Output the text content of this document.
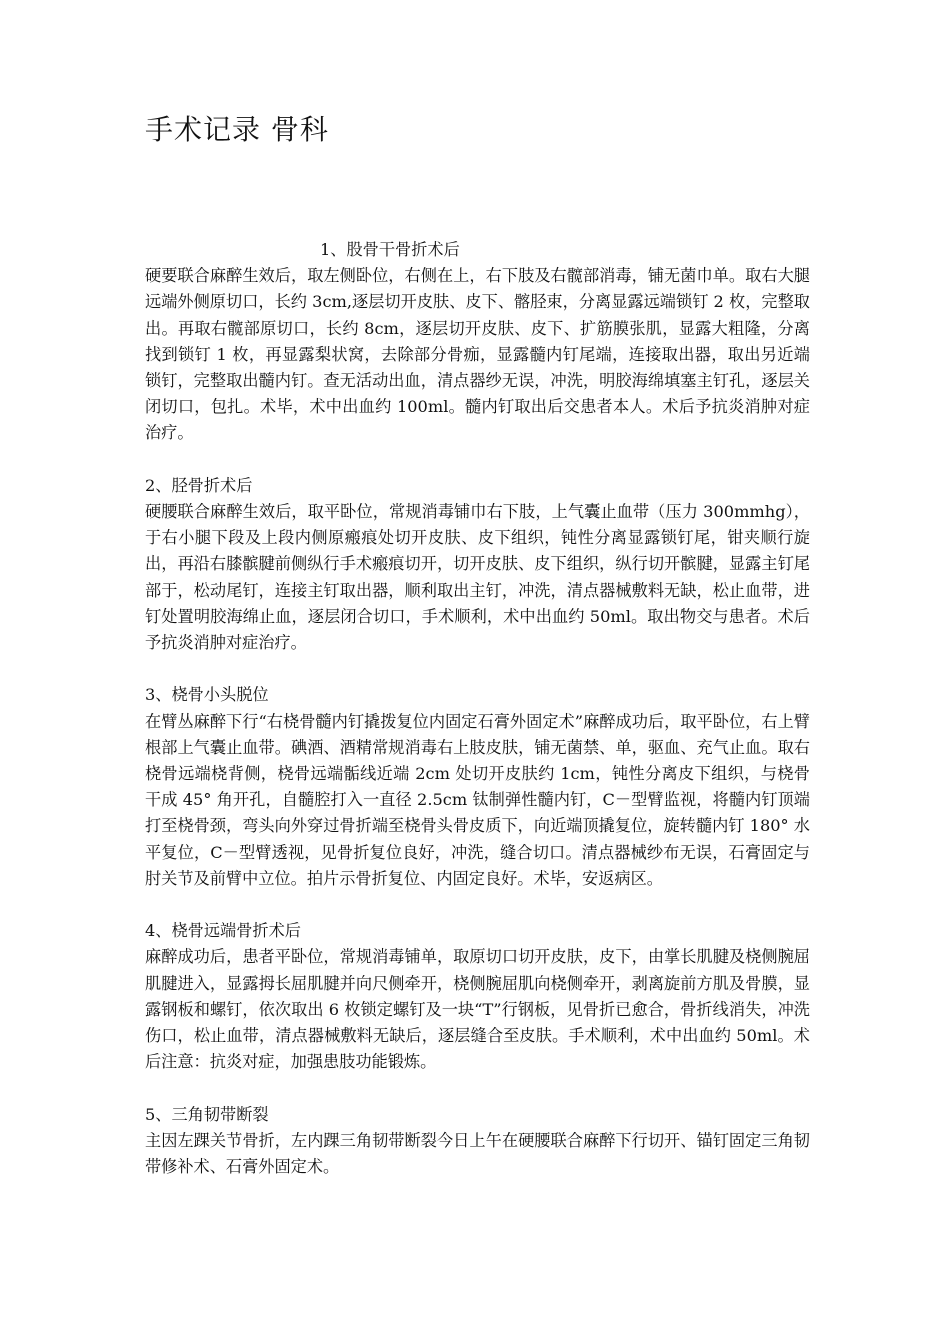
手术记录 骨科

1、股骨干骨折术后

硬要联合麻醉生效后，取左侧卧位，右侧在上，右下肢及右髋部消毒，铺无菌巾单。取右大腿远端外侧原切口，长约 3cm,逐层切开皮肤、皮下、髂胫束，分离显露远端锁钉 2 枚，完整取出。再取右髋部原切口，长约 8cm，逐层切开皮肤、皮下、扩筋膜张肌，显露大粗隆，分离找到锁钉 1 枚，再显露梨状窝，去除部分骨痂，显露髓内钉尾端，连接取出器，取出另近端锁钉，完整取出髓内钉。查无活动出血，清点器纱无误，冲洗，明胶海绵填塞主钉孔，逐层关闭切口，包扎。术毕，术中出血约 100ml。髓内钉取出后交患者本人。术后予抗炎消肿对症治疗。

2、胫骨折术后

硬腰联合麻醉生效后，取平卧位，常规消毒铺巾右下肢，上气囊止血带（压力 300mmhg），于右小腿下段及上段内侧原瘢痕处切开皮肤、皮下组织，钝性分离显露锁钉尾，钳夹顺行旋出，再沿右膝髌腱前侧纵行手术瘢痕切开，切开皮肤、皮下组织，纵行切开髌腱，显露主钉尾部于，松动尾钉，连接主钉取出器，顺利取出主钉，冲洗，清点器械敷料无缺，松止血带，进钉处置明胶海绵止血，逐层闭合切口，手术顺利，术中出血约 50ml。取出物交与患者。术后予抗炎消肿对症治疗。

3、桡骨小头脱位

在臂丛麻醉下行“右桡骨髓内钉撬拨复位内固定石膏外固定术”麻醉成功后，取平卧位，右上臂根部上气囊止血带。碘酒、酒精常规消毒右上肢皮肤，铺无菌禁、单，驱血、充气止血。取右桡骨远端桡背侧，桡骨远端骺线近端 2cm 处切开皮肤约 1cm，钝性分离皮下组织，与桡骨干成 45° 角开孔，自髓腔打入一直径 2.5cm 钛制弹性髓内钉，C－型臂监视，将髓内钉顶端打至桡骨颈，弯头向外穿过骨折端至桡骨头骨皮质下，向近端顶撬复位，旋转髓内钉 180° 水平复位，C－型臂透视，见骨折复位良好，冲洗，缝合切口。清点器械纱布无误，石膏固定与肘关节及前臂中立位。拍片示骨折复位、内固定良好。术毕，安返病区。

4、桡骨远端骨折术后

麻醉成功后，患者平卧位，常规消毒铺单，取原切口切开皮肤，皮下，由掌长肌腱及桡侧腕屈肌腱进入，显露拇长屈肌腱并向尺侧牵开，桡侧腕屈肌向桡侧牵开，剥离旋前方肌及骨膜，显露钢板和螺钉，依次取出 6 枚锁定螺钉及一块“T”行钢板，见骨折已愈合，骨折线消失，冲洗伤口，松止血带，清点器械敷料无缺后，逐层缝合至皮肤。手术顺利，术中出血约 50ml。术后注意：抗炎对症，加强患肢功能锻炼。

5、三角韧带断裂

主因左踝关节骨折，左内踝三角韧带断裂今日上午在硬腰联合麻醉下行切开、锚钉固定三角韧带修补术、石膏外固定术。
